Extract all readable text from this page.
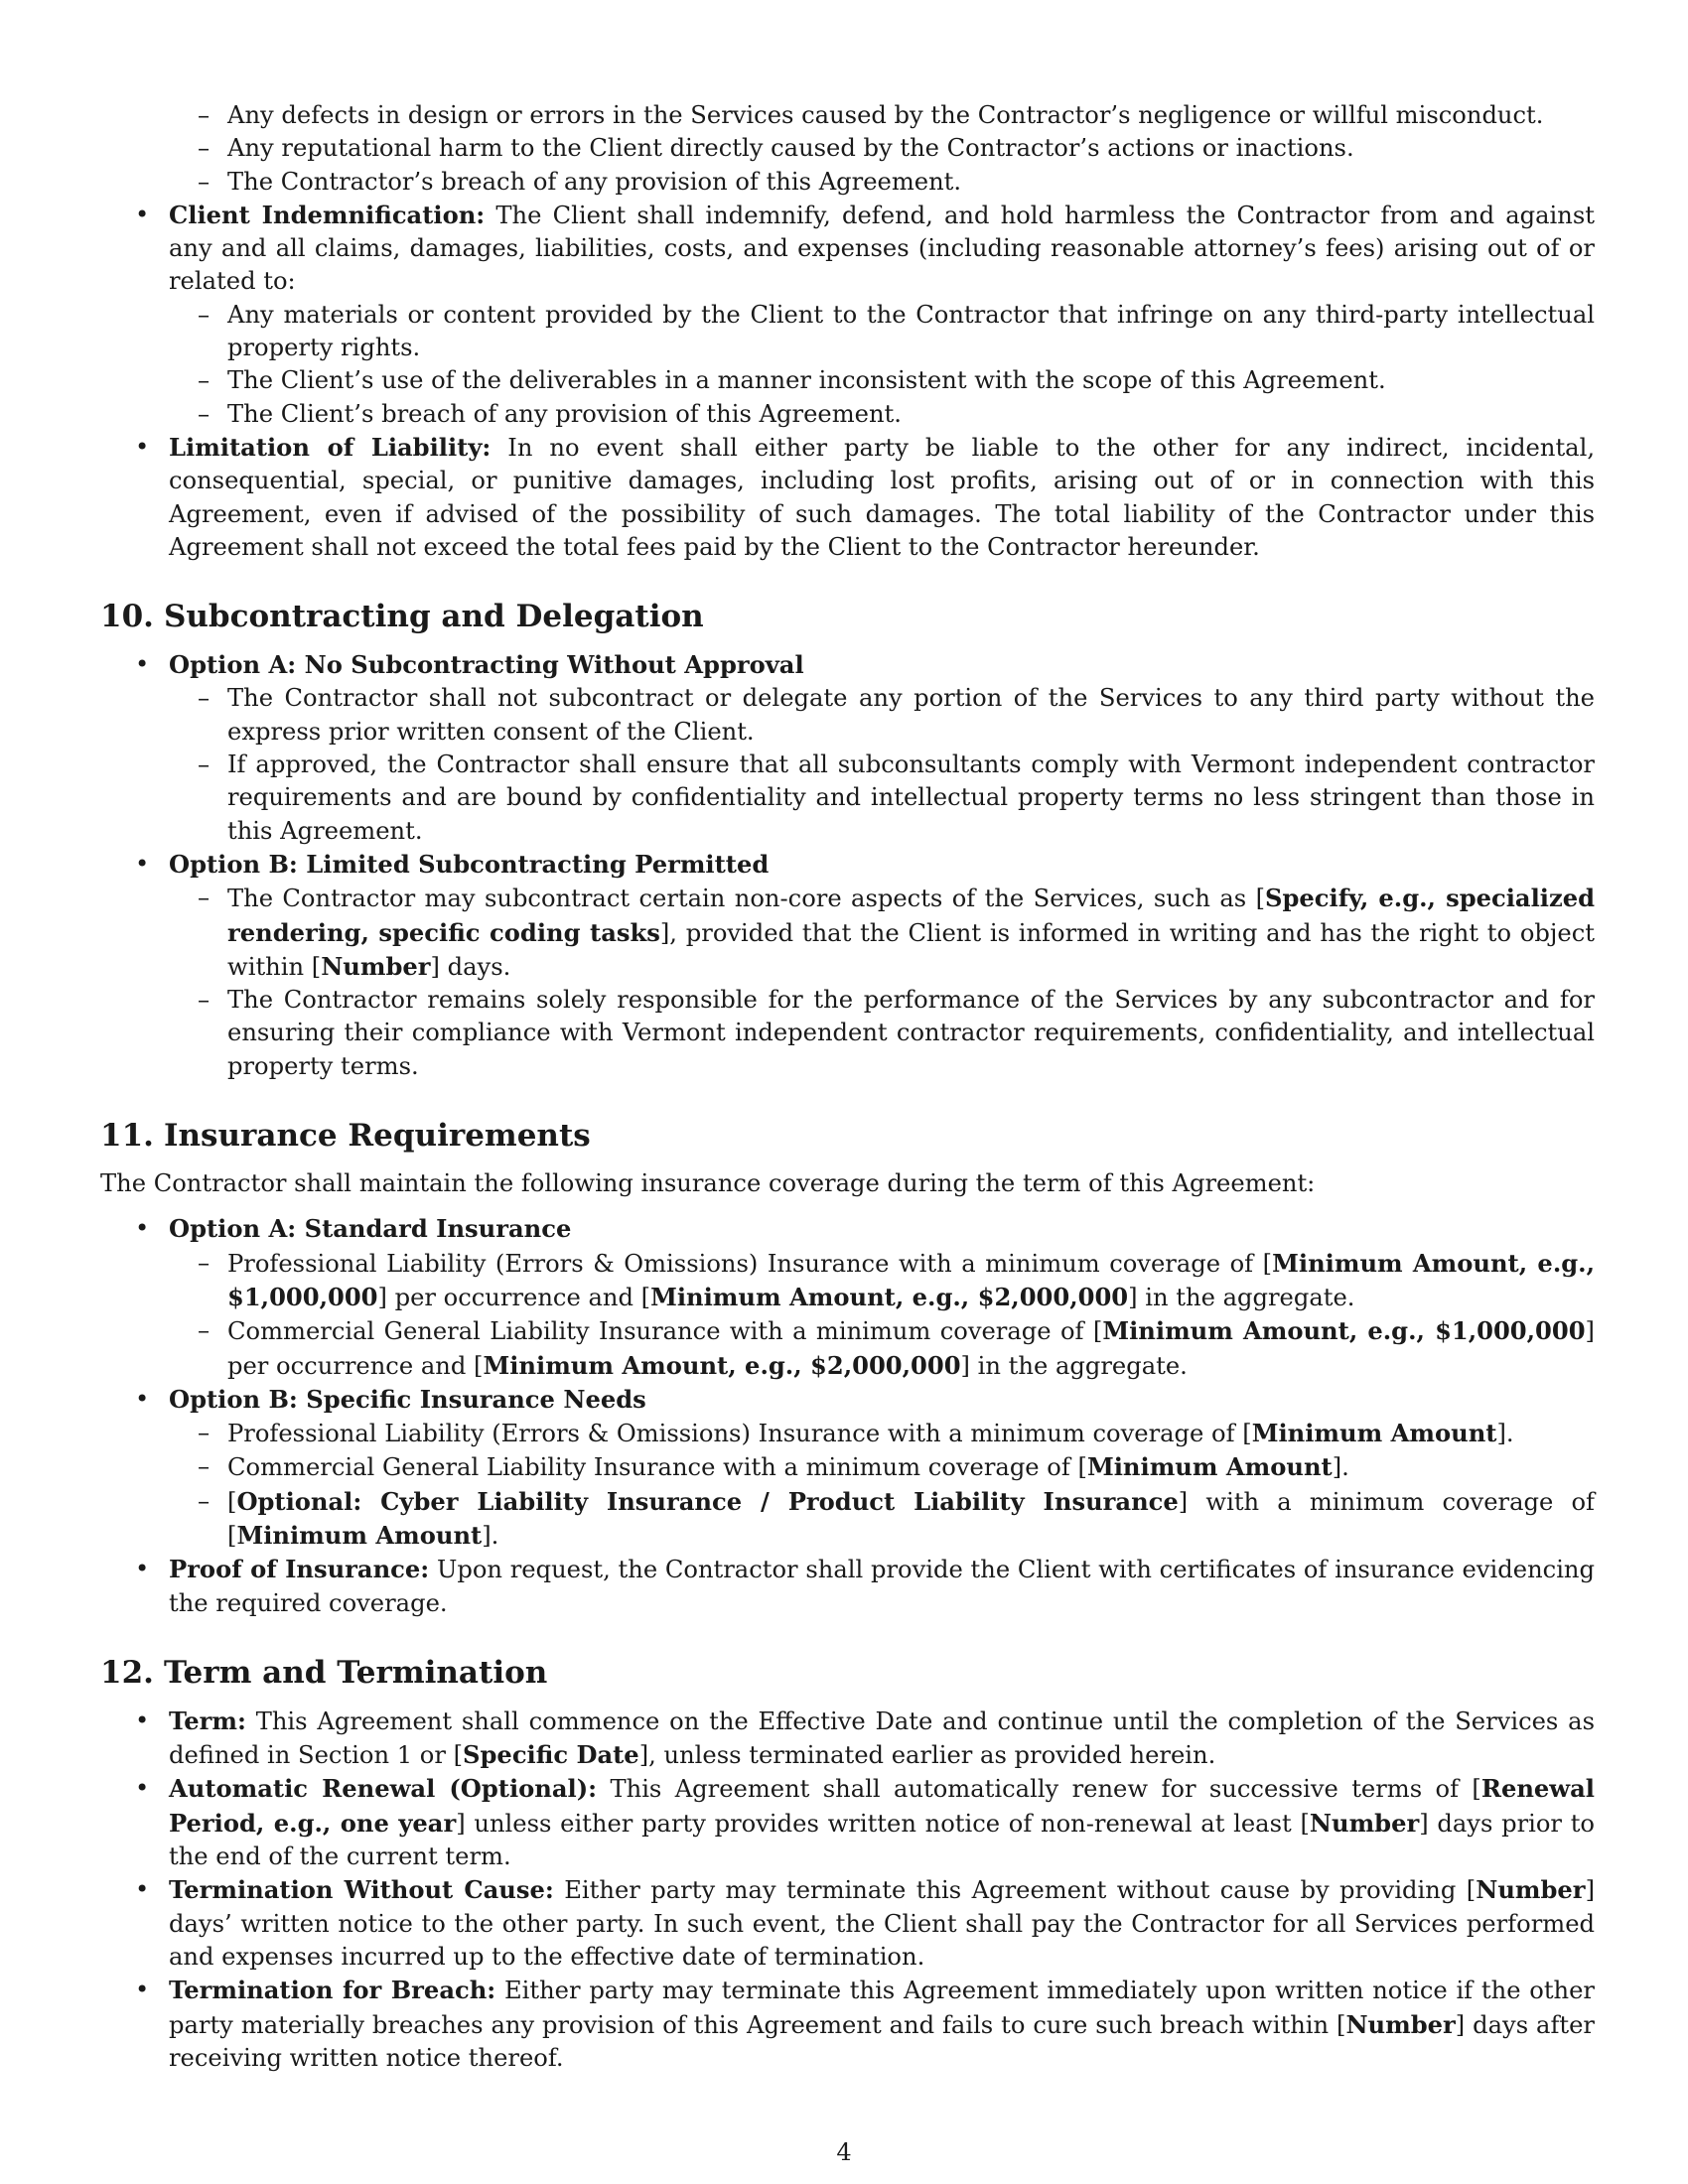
– Any defects in design or errors in the Services caused by the Contractor’s negligence or willful misconduct.
– Any reputational harm to the Client directly caused by the Contractor’s actions or inactions.
– The Contractor’s breach of any provision of this Agreement.
• Client Indemnification: The Client shall indemnify, defend, and hold harmless the Contractor from and against any and all claims, damages, liabilities, costs, and expenses (including reasonable attorney’s fees) arising out of or related to:
– Any materials or content provided by the Client to the Contractor that infringe on any third-party intellectual property rights.
– The Client’s use of the deliverables in a manner inconsistent with the scope of this Agreement.
– The Client’s breach of any provision of this Agreement.
• Limitation of Liability: In no event shall either party be liable to the other for any indirect, incidental, consequential, special, or punitive damages, including lost profits, arising out of or in connection with this Agreement, even if advised of the possibility of such damages. The total liability of the Contractor under this Agreement shall not exceed the total fees paid by the Client to the Contractor hereunder.
10. Subcontracting and Delegation
• Option A: No Subcontracting Without Approval
– The Contractor shall not subcontract or delegate any portion of the Services to any third party without the express prior written consent of the Client.
– If approved, the Contractor shall ensure that all subconsultants comply with Vermont independent contractor requirements and are bound by confidentiality and intellectual property terms no less stringent than those in this Agreement.
• Option B: Limited Subcontracting Permitted
– The Contractor may subcontract certain non-core aspects of the Services, such as [Specify, e.g., specialized rendering, specific coding tasks], provided that the Client is informed in writing and has the right to object within [Number] days.
– The Contractor remains solely responsible for the performance of the Services by any subcontractor and for ensuring their compliance with Vermont independent contractor requirements, confidentiality, and intellectual property terms.
11. Insurance Requirements

The Contractor shall maintain the following insurance coverage during the term of this Agreement:

• Option A: Standard Insurance
– Professional Liability (Errors & Omissions) Insurance with a minimum coverage of [Minimum Amount, e.g., $1,000,000] per occurrence and [Minimum Amount, e.g., $2,000,000] in the aggregate.
– Commercial General Liability Insurance with a minimum coverage of [Minimum Amount, e.g., $1,000,000] per occurrence and [Minimum Amount, e.g., $2,000,000] in the aggregate.
• Option B: Specific Insurance Needs
– Professional Liability (Errors & Omissions) Insurance with a minimum coverage of [Minimum Amount].
– Commercial General Liability Insurance with a minimum coverage of [Minimum Amount].
– [Optional: Cyber Liability Insurance / Product Liability Insurance] with a minimum coverage of [Minimum Amount].
• Proof of Insurance: Upon request, the Contractor shall provide the Client with certificates of insurance evidencing the required coverage.
12. Term and Termination
• Term: This Agreement shall commence on the Effective Date and continue until the completion of the Services as defined in Section 1 or [Specific Date], unless terminated earlier as provided herein.
• Automatic Renewal (Optional): This Agreement shall automatically renew for successive terms of [Renewal Period, e.g., one year] unless either party provides written notice of non-renewal at least [Number] days prior to the end of the current term.
• Termination Without Cause: Either party may terminate this Agreement without cause by providing [Number] days’ written notice to the other party. In such event, the Client shall pay the Contractor for all Services performed and expenses incurred up to the effective date of termination.
• Termination for Breach: Either party may terminate this Agreement immediately upon written notice if the other party materially breaches any provision of this Agreement and fails to cure such breach within [Number] days after receiving written notice thereof.
4
